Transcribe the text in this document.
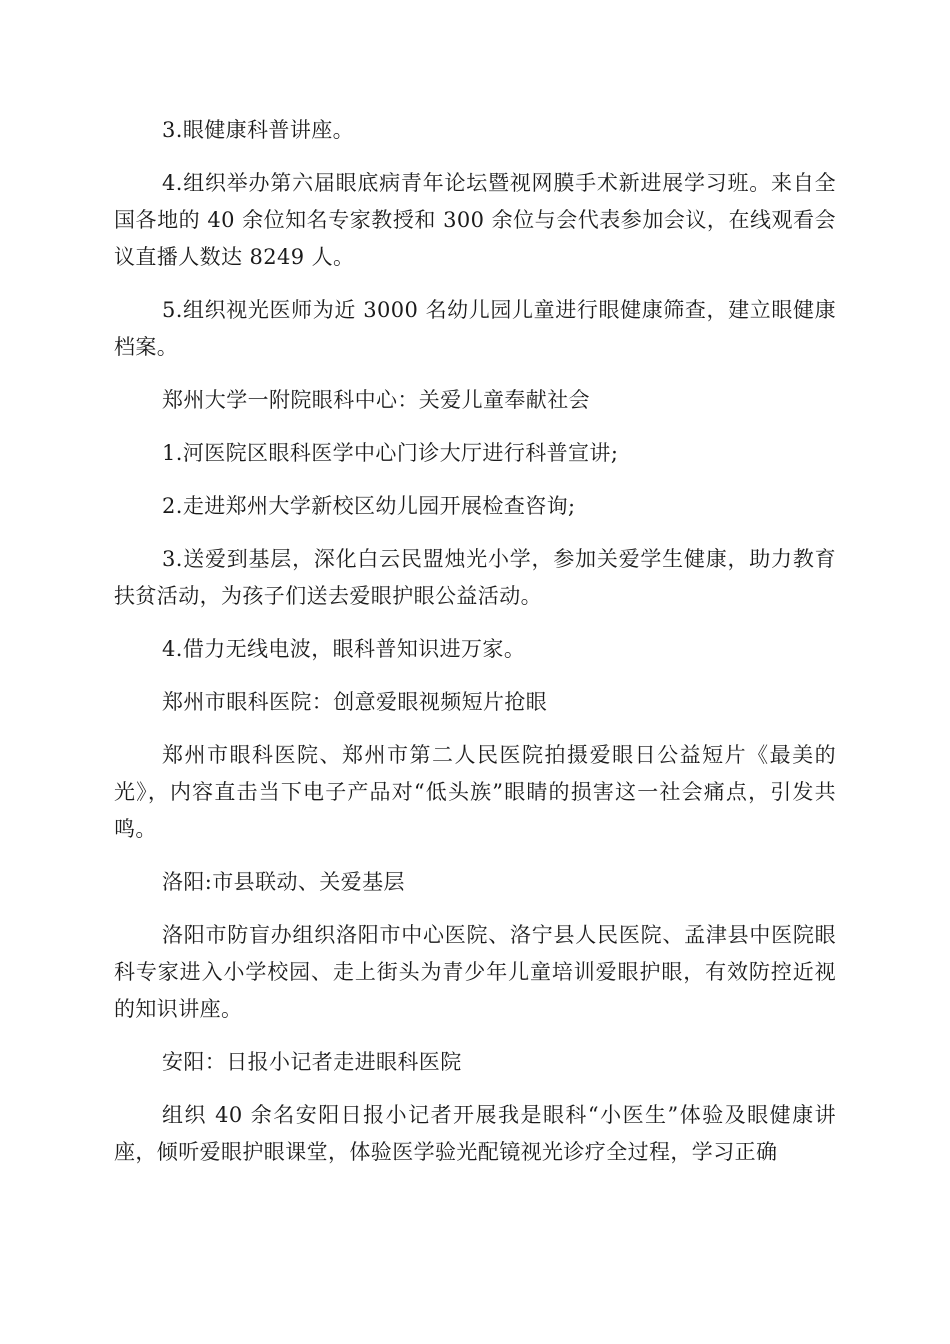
3.眼健康科普讲座。

4.组织举办第六届眼底病青年论坛暨视网膜手术新进展学习班。来自全国各地的 40 余位知名专家教授和 300 余位与会代表参加会议，在线观看会议直播人数达 8249 人。

5.组织视光医师为近 3000 名幼儿园儿童进行眼健康筛查，建立眼健康档案。

郑州大学一附院眼科中心：关爱儿童奉献社会

1.河医院区眼科医学中心门诊大厅进行科普宣讲;

2.走进郑州大学新校区幼儿园开展检查咨询;

3.送爱到基层，深化白云民盟烛光小学，参加关爱学生健康，助力教育扶贫活动，为孩子们送去爱眼护眼公益活动。

4.借力无线电波，眼科普知识进万家。

郑州市眼科医院：创意爱眼视频短片抢眼

郑州市眼科医院、郑州市第二人民医院拍摄爱眼日公益短片《最美的光》，内容直击当下电子产品对“低头族”眼睛的损害这一社会痛点，引发共鸣。

洛阳:市县联动、关爱基层

洛阳市防盲办组织洛阳市中心医院、洛宁县人民医院、孟津县中医院眼科专家进入小学校园、走上街头为青少年儿童培训爱眼护眼，有效防控近视的知识讲座。

安阳：日报小记者走进眼科医院

组织 40 余名安阳日报小记者开展我是眼科“小医生”体验及眼健康讲座，倾听爱眼护眼课堂，体验医学验光配镜视光诊疗全过程，学习正确
